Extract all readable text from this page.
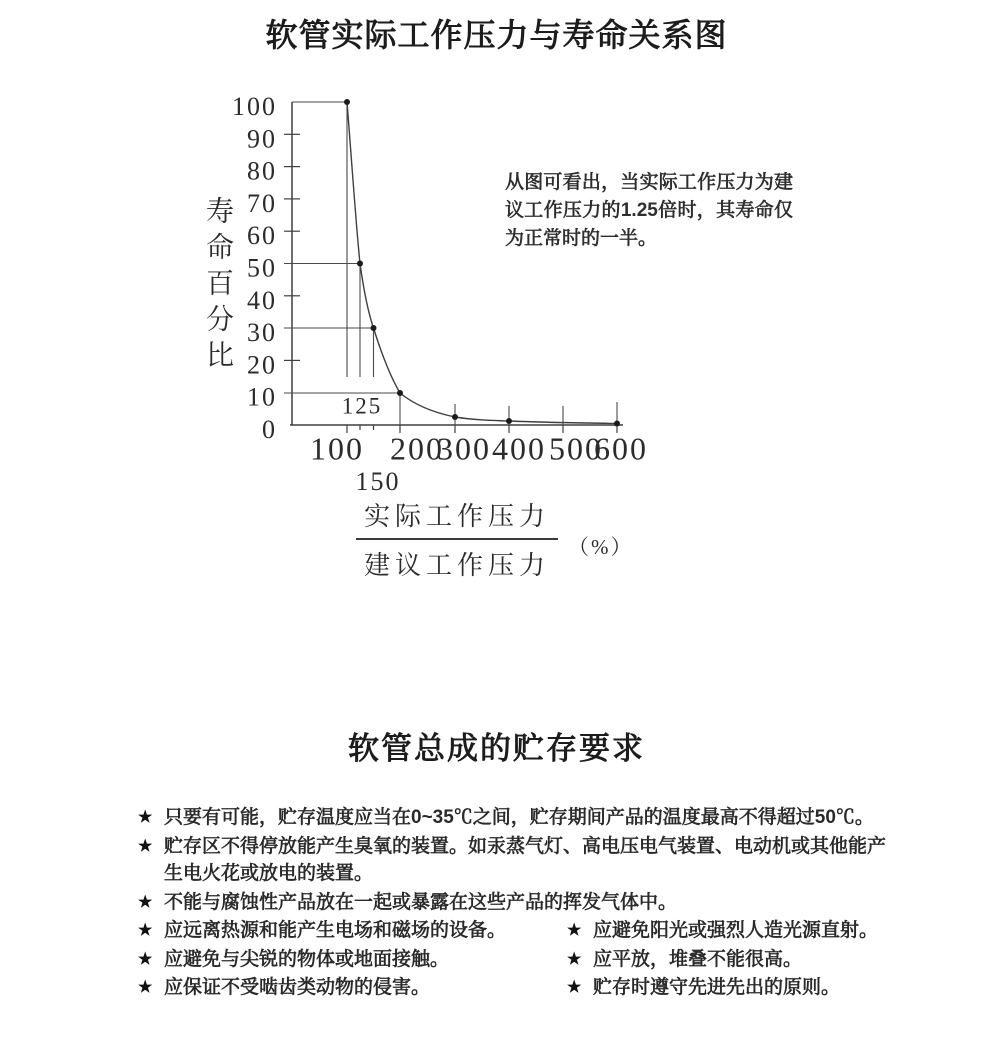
软管实际工作压力与寿命关系图
0
10
20
30
40
50
60
70
80
90
100
100 200
300 400 500
600
125
150
寿命百分比
从图可看出，当实际工作压力为建议工作压力的1.25倍时，其寿命仅为正常时的一半。
$\frac{\text{实际工作压力}}{\text{建议工作压力}}$ （%）
软管总成的贮存要求
★ 只要有可能，贮存温度应当在0~35℃之间，贮存期间产品的温度最高不得超过50℃。
★ 贮存区不得停放能产生臭氧的装置。如汞蒸气灯、高电压电气装置、电动机或其他能产生电火花或放电的装置。
★ 不能与腐蚀性产品放在一起或暴露在这些产品的挥发气体中。
★ 应远离热源和能产生电场和磁场的设备。	★ 应避免阳光或强烈人造光源直射。
★ 应避免与尖锐的物体或地面接触。	★ 应平放，堆叠不能很高。
★ 应保证不受啮齿类动物的侵害。	★ 贮存时遵守先进先出的原则。
